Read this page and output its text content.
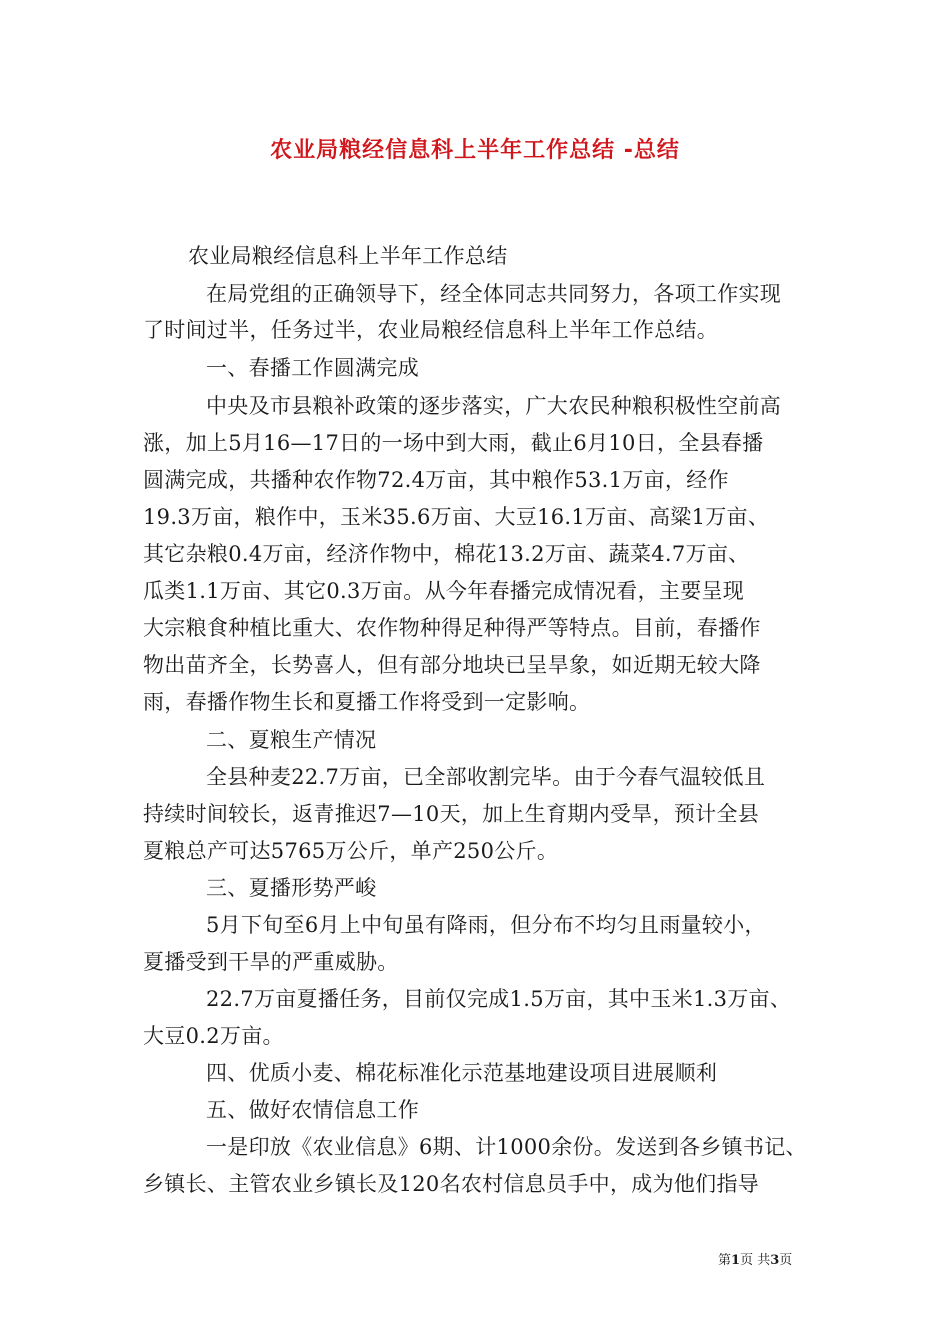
农业局粮经信息科上半年工作总结 -总结
农业局粮经信息科上半年工作总结
在局党组的正确领导下，经全体同志共同努力，各项工作实现
了时间过半，任务过半，农业局粮经信息科上半年工作总结。
一、春播工作圆满完成
中央及市县粮补政策的逐步落实，广大农民种粮积极性空前高
涨，加上5月16—17日的一场中到大雨，截止6月10日，全县春播
圆满完成，共播种农作物72.4万亩，其中粮作53.1万亩，经作
19.3万亩，粮作中，玉米35.6万亩、大豆16.1万亩、高粱1万亩、
其它杂粮0.4万亩，经济作物中，棉花13.2万亩、蔬菜4.7万亩、
瓜类1.1万亩、其它0.3万亩。从今年春播完成情况看，主要呈现
大宗粮食种植比重大、农作物种得足种得严等特点。目前，春播作
物出苗齐全，长势喜人，但有部分地块已呈旱象，如近期无较大降
雨，春播作物生长和夏播工作将受到一定影响。
二、夏粮生产情况
全县种麦22.7万亩，已全部收割完毕。由于今春气温较低且
持续时间较长，返青推迟7—10天，加上生育期内受旱，预计全县
夏粮总产可达5765万公斤，单产250公斤。
三、夏播形势严峻
5月下旬至6月上中旬虽有降雨，但分布不均匀且雨量较小，
夏播受到干旱的严重威胁。
22.7万亩夏播任务，目前仅完成1.5万亩，其中玉米1.3万亩、
大豆0.2万亩。
四、优质小麦、棉花标准化示范基地建设项目进展顺利
五、做好农情信息工作
一是印放《农业信息》6期、计1000余份。发送到各乡镇书记、
乡镇长、主管农业乡镇长及120名农村信息员手中，成为他们指导
第1页 共3页
